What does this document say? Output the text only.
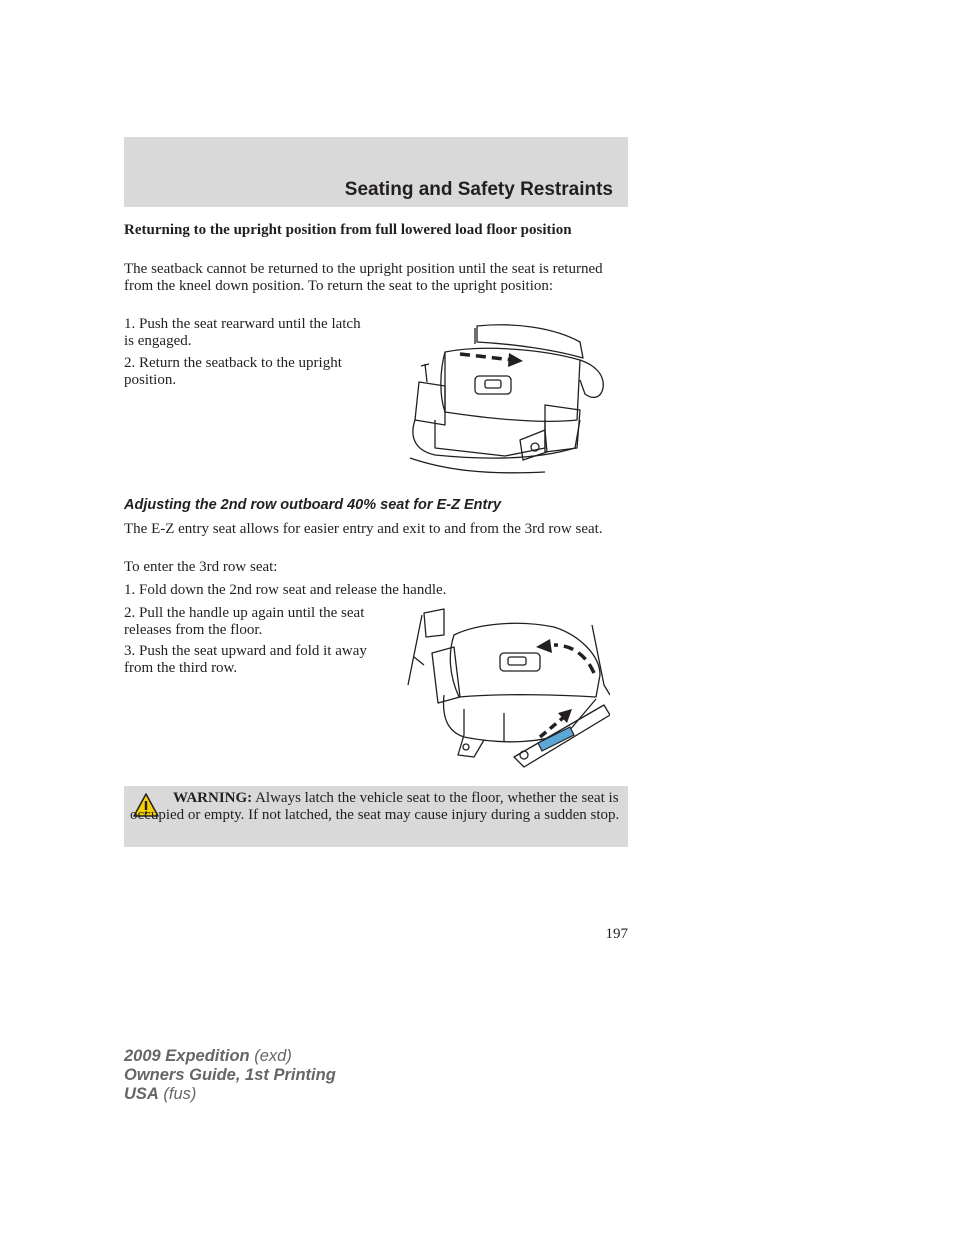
Seating and Safety Restraints

Returning to the upright position from full lowered load floor position

The seatback cannot be returned to the upright position until the seat is returned from the kneel down position. To return the seat to the upright position:

1. Push the seat rearward until the latch is engaged.

2. Return the seatback to the upright position.

Adjusting the 2nd row outboard 40% seat for E-Z Entry

The E-Z entry seat allows for easier entry and exit to and from the 3rd row seat.

To enter the 3rd row seat:

1. Fold down the 2nd row seat and release the handle.

2. Pull the handle up again until the seat releases from the floor.

3. Push the seat upward and fold it away from the third row.

WARNING: Always latch the vehicle seat to the floor, whether the seat is occupied or empty. If not latched, the seat may cause injury during a sudden stop.
197
2009 Expedition (exd)
Owners Guide, 1st Printing
USA (fus)
